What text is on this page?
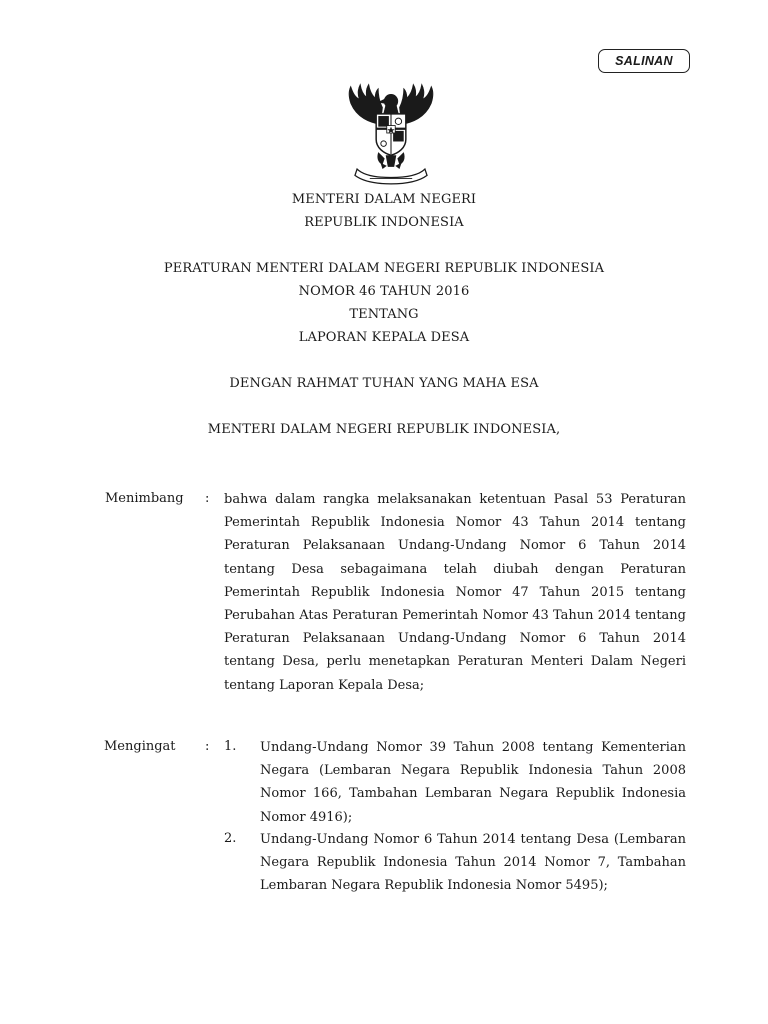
SALINAN
MENTERI DALAM NEGERI
REPUBLIK INDONESIA
PERATURAN MENTERI DALAM NEGERI REPUBLIK INDONESIA
NOMOR 46 TAHUN 2016
TENTANG
LAPORAN KEPALA DESA
DENGAN RAHMAT TUHAN YANG MAHA ESA
MENTERI DALAM NEGERI REPUBLIK INDONESIA,
Menimbang : bahwa dalam rangka melaksanakan ketentuan Pasal 53 Peraturan Pemerintah Republik Indonesia Nomor 43 Tahun 2014 tentang Peraturan Pelaksanaan Undang-Undang Nomor 6 Tahun 2014 tentang Desa sebagaimana telah diubah dengan Peraturan Pemerintah Republik Indonesia Nomor 47 Tahun 2015 tentang Perubahan Atas Peraturan Pemerintah Nomor 43 Tahun 2014 tentang Peraturan Pelaksanaan Undang-Undang Nomor 6 Tahun 2014 tentang Desa, perlu menetapkan Peraturan Menteri Dalam Negeri tentang Laporan Kepala Desa;
Mengingat : 1. Undang-Undang Nomor 39 Tahun 2008 tentang Kementerian Negara (Lembaran Negara Republik Indonesia Tahun 2008 Nomor 166, Tambahan Lembaran Negara Republik Indonesia Nomor 4916);
2. Undang-Undang Nomor 6 Tahun 2014 tentang Desa (Lembaran Negara Republik Indonesia Tahun 2014 Nomor 7, Tambahan Lembaran Negara Republik Indonesia Nomor 5495);
